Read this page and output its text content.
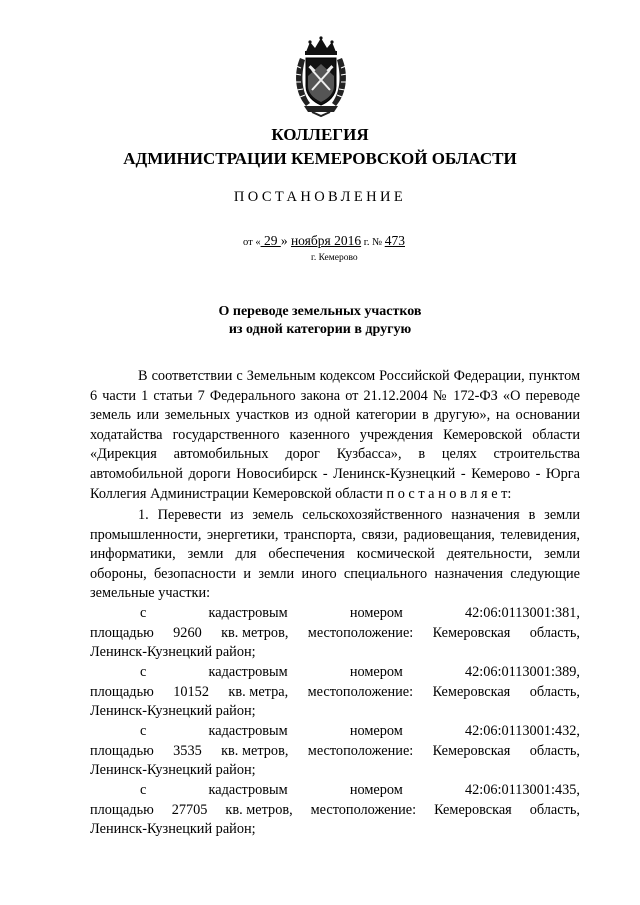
КОЛЛЕГИЯ
АДМИНИСТРАЦИИ КЕМЕРОВСКОЙ ОБЛАСТИ
ПОСТАНОВЛЕНИЕ
от « 29 » ноября 2016 г. № 473
г. Кемерово
О переводе земельных участков
из одной категории в другую
В соответствии с Земельным кодексом Российской Федерации, пунктом 6 части 1 статьи 7 Федерального закона от 21.12.2004 № 172-ФЗ «О переводе земель или земельных участков из одной категории в другую», на основании ходатайства государственного казенного учреждения Кемеровской области «Дирекция автомобильных дорог Кузбасса», в целях строительства автомобильной дороги Новосибирск - Ленинск-Кузнецкий - Кемерово - Юрга Коллегия Администрации Кемеровской области п о с т а н о в л я е т:
1. Перевести из земель сельскохозяйственного назначения в земли промышленности, энергетики, транспорта, связи, радиовещания, телевидения, информатики, земли для обеспечения космической деятельности, земли обороны, безопасности и земли иного специального назначения следующие земельные участки:
с	кадастровым	номером	42:06:0113001:381,
площадью 9260 кв. метров, местоположение: Кемеровская область,
Ленинск-Кузнецкий район;
с	кадастровым	номером	42:06:0113001:389,
площадью 10152 кв. метра, местоположение: Кемеровская область,
Ленинск-Кузнецкий район;
с	кадастровым	номером	42:06:0113001:432,
площадью 3535 кв. метров, местоположение: Кемеровская область,
Ленинск-Кузнецкий район;
с	кадастровым	номером	42:06:0113001:435,
площадью 27705 кв. метров, местоположение: Кемеровская область,
Ленинск-Кузнецкий район;
